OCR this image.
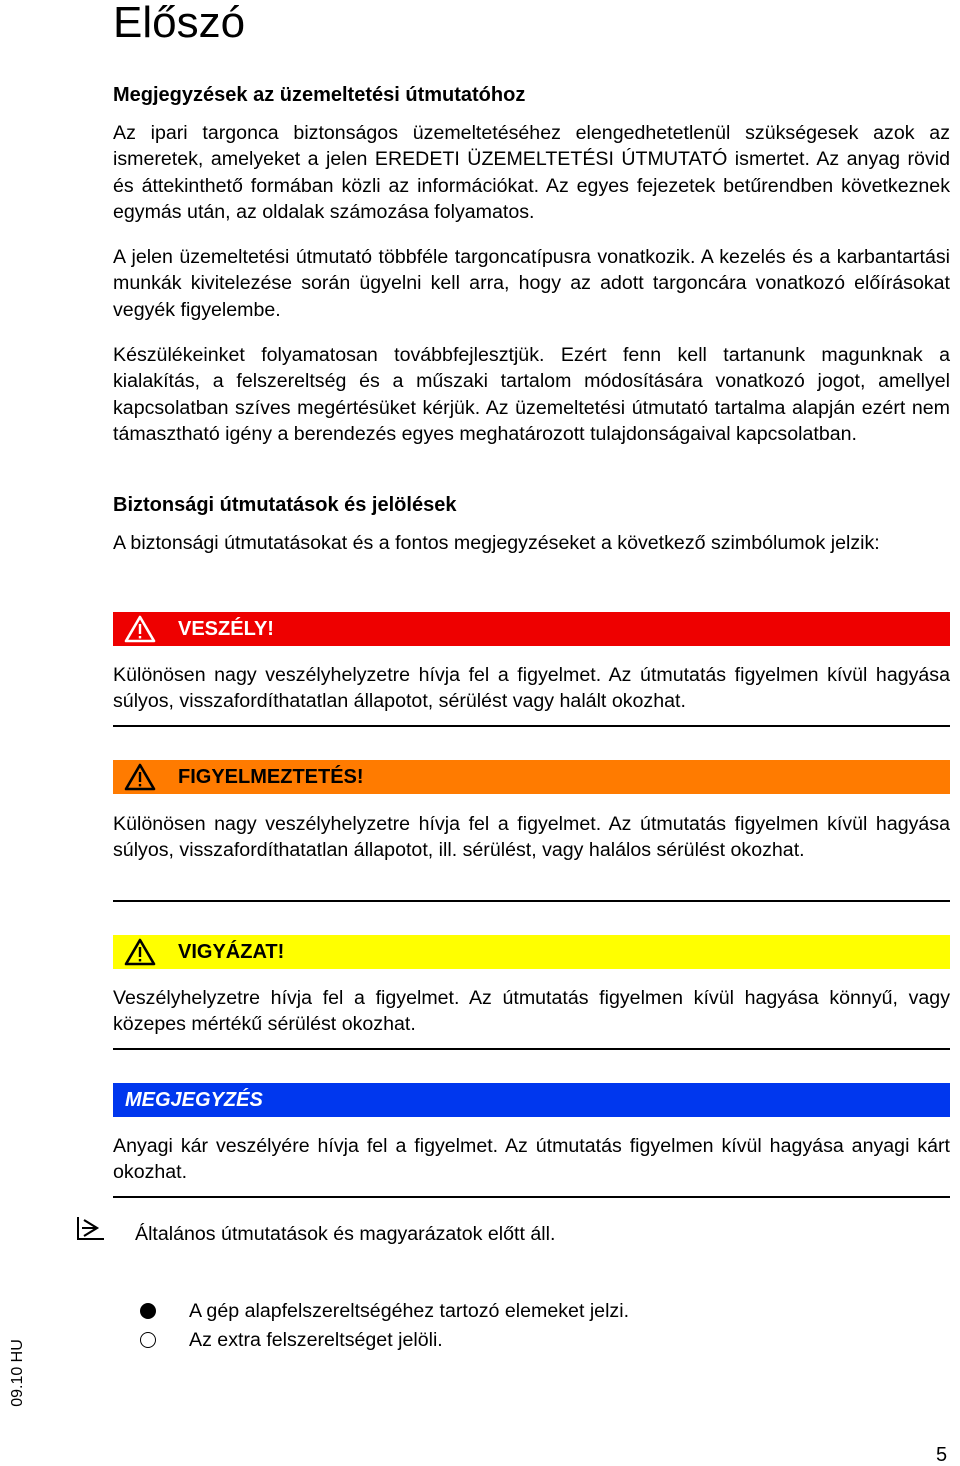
Előszó
Megjegyzések az üzemeltetési útmutatóhoz

Az ipari targonca biztonságos üzemeltetéséhez elengedhetetlenül szükségesek azok az ismeretek, amelyeket a jelen EREDETI ÜZEMELTETÉSI ÚTMUTATÓ ismertet. Az anyag rövid és áttekinthető formában közli az információkat. Az egyes fejezetek betűrendben következnek egymás után, az oldalak számozása folyamatos.

A jelen üzemeltetési útmutató többféle targoncatípusra vonatkozik. A kezelés és a karbantartási munkák kivitelezése során ügyelni kell arra, hogy az adott targoncára vonatkozó előírásokat vegyék figyelembe.

Készülékeinket folyamatosan továbbfejlesztjük. Ezért fenn kell tartanunk magunknak a kialakítás, a felszereltség és a műszaki tartalom módosítására vonatkozó jogot, amellyel kapcsolatban szíves megértésüket kérjük. Az üzemeltetési útmutató tartalma alapján ezért nem támasztható igény a berendezés egyes meghatározott tulajdonságaival kapcsolatban.

Biztonsági útmutatások és jelölések

A biztonsági útmutatásokat és a fontos megjegyzéseket a következő szimbólumok jelzik:

VESZÉLY!

Különösen nagy veszélyhelyzetre hívja fel a figyelmet. Az útmutatás figyelmen kívül hagyása súlyos, visszafordíthatatlan állapotot, sérülést vagy halált okozhat.

FIGYELMEZTETÉS!

Különösen nagy veszélyhelyzetre hívja fel a figyelmet. Az útmutatás figyelmen kívül hagyása súlyos, visszafordíthatatlan állapotot, ill. sérülést, vagy halálos sérülést okozhat.

VIGYÁZAT!

Veszélyhelyzetre hívja fel a figyelmet. Az útmutatás figyelmen kívül hagyása könnyű, vagy közepes mértékű sérülést okozhat.

MEGJEGYZÉS

Anyagi kár veszélyére hívja fel a figyelmet. Az útmutatás figyelmen kívül hagyása anyagi kárt okozhat.

Általános útmutatások és magyarázatok előtt áll.
A gép alapfelszereltségéhez tartozó elemeket jelzi.
Az extra felszereltséget jelöli.
09.10 HU
5
